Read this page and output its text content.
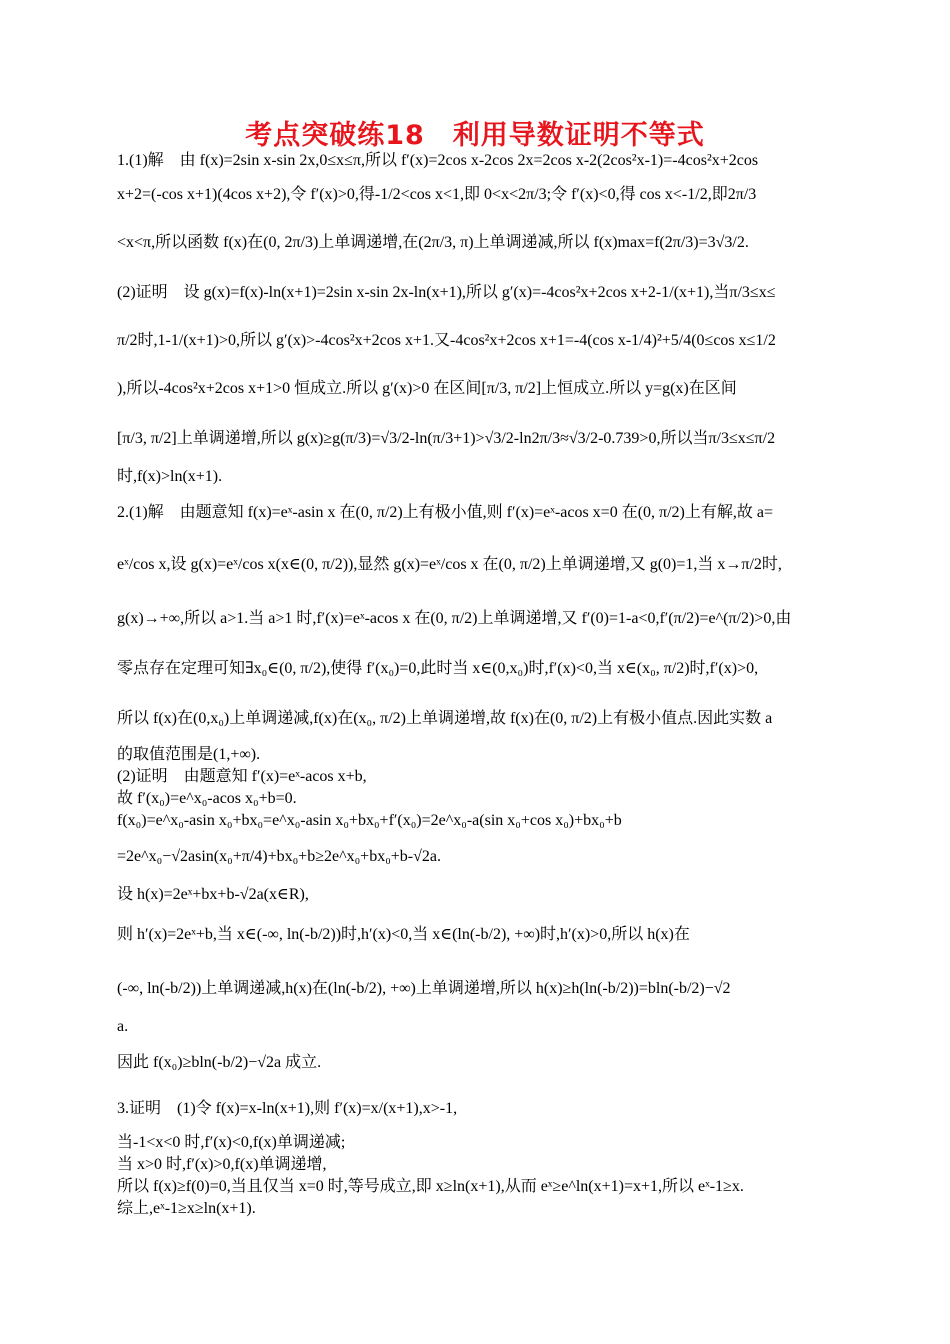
考点突破练18　利用导数证明不等式
1.(1)解　由 f(x)=2sin x-sin 2x,0≤x≤π,所以 f′(x)=2cos x-2cos 2x=2cos x-2(2cos²x-1)=-4cos²x+2cos
x+2=(-cos x+1)(4cos x+2),令 f′(x)>0,得-1/2<cos x<1,即 0<x<2π/3;令 f′(x)<0,得 cos x<-1/2,即2π/3
<x<π,所以函数 f(x)在(0, 2π/3)上单调递增,在(2π/3, π)上单调递减,所以 f(x)max=f(2π/3)=3√3/2.
(2)证明　设 g(x)=f(x)-ln(x+1)=2sin x-sin 2x-ln(x+1),所以 g′(x)=-4cos²x+2cos x+2-1/(x+1),当π/3≤x≤
π/2时,1-1/(x+1)>0,所以 g′(x)>-4cos²x+2cos x+1.又-4cos²x+2cos x+1=-4(cos x-1/4)²+5/4(0≤cos x≤1/2
),所以-4cos²x+2cos x+1>0 恒成立.所以 g′(x)>0 在区间[π/3, π/2]上恒成立.所以 y=g(x)在区间
[π/3, π/2]上单调递增,所以 g(x)≥g(π/3)=√3/2-ln(π/3+1)>√3/2-ln2π/3≈√3/2-0.739>0,所以当π/3≤x≤π/2
时,f(x)>ln(x+1).
2.(1)解　由题意知 f(x)=eˣ-asin x 在(0, π/2)上有极小值,则 f′(x)=eˣ-acos x=0 在(0, π/2)上有解,故 a=
eˣ/cos x,设 g(x)=eˣ/cos x(x∈(0, π/2)),显然 g(x)=eˣ/cos x 在(0, π/2)上单调递增,又 g(0)=1,当 x→π/2时,
g(x)→+∞,所以 a>1.当 a>1 时,f′(x)=eˣ-acos x 在(0, π/2)上单调递增,又 f′(0)=1-a<0,f′(π/2)=e^(π/2)>0,由
零点存在定理可知∃x₀∈(0, π/2),使得 f′(x₀)=0,此时当 x∈(0,x₀)时,f′(x)<0,当 x∈(x₀, π/2)时,f′(x)>0,
所以 f(x)在(0,x₀)上单调递减,f(x)在(x₀, π/2)上单调递增,故 f(x)在(0, π/2)上有极小值点.因此实数 a
的取值范围是(1,+∞).
(2)证明　由题意知 f′(x)=eˣ-acos x+b,
故 f′(x₀)=e^x₀-acos x₀+b=0.
f(x₀)=e^x₀-asin x₀+bx₀=e^x₀-asin x₀+bx₀+f′(x₀)=2e^x₀-a(sin x₀+cos x₀)+bx₀+b
=2e^x₀−√2asin(x₀+π/4)+bx₀+b≥2e^x₀+bx₀+b-√2a.
设 h(x)=2eˣ+bx+b-√2a(x∈R),
则 h′(x)=2eˣ+b,当 x∈(-∞, ln(-b/2))时,h′(x)<0,当 x∈(ln(-b/2), +∞)时,h′(x)>0,所以 h(x)在
(-∞, ln(-b/2))上单调递减,h(x)在(ln(-b/2), +∞)上单调递增,所以 h(x)≥h(ln(-b/2))=bln(-b/2)−√2
a.
因此 f(x₀)≥bln(-b/2)−√2a 成立.
3.证明　(1)令 f(x)=x-ln(x+1),则 f′(x)=x/(x+1),x>-1,
当-1<x<0 时,f′(x)<0,f(x)单调递减;
当 x>0 时,f′(x)>0,f(x)单调递增,
所以 f(x)≥f(0)=0,当且仅当 x=0 时,等号成立,即 x≥ln(x+1),从而 eˣ≥e^ln(x+1)=x+1,所以 eˣ-1≥x.
综上,eˣ-1≥x≥ln(x+1).
